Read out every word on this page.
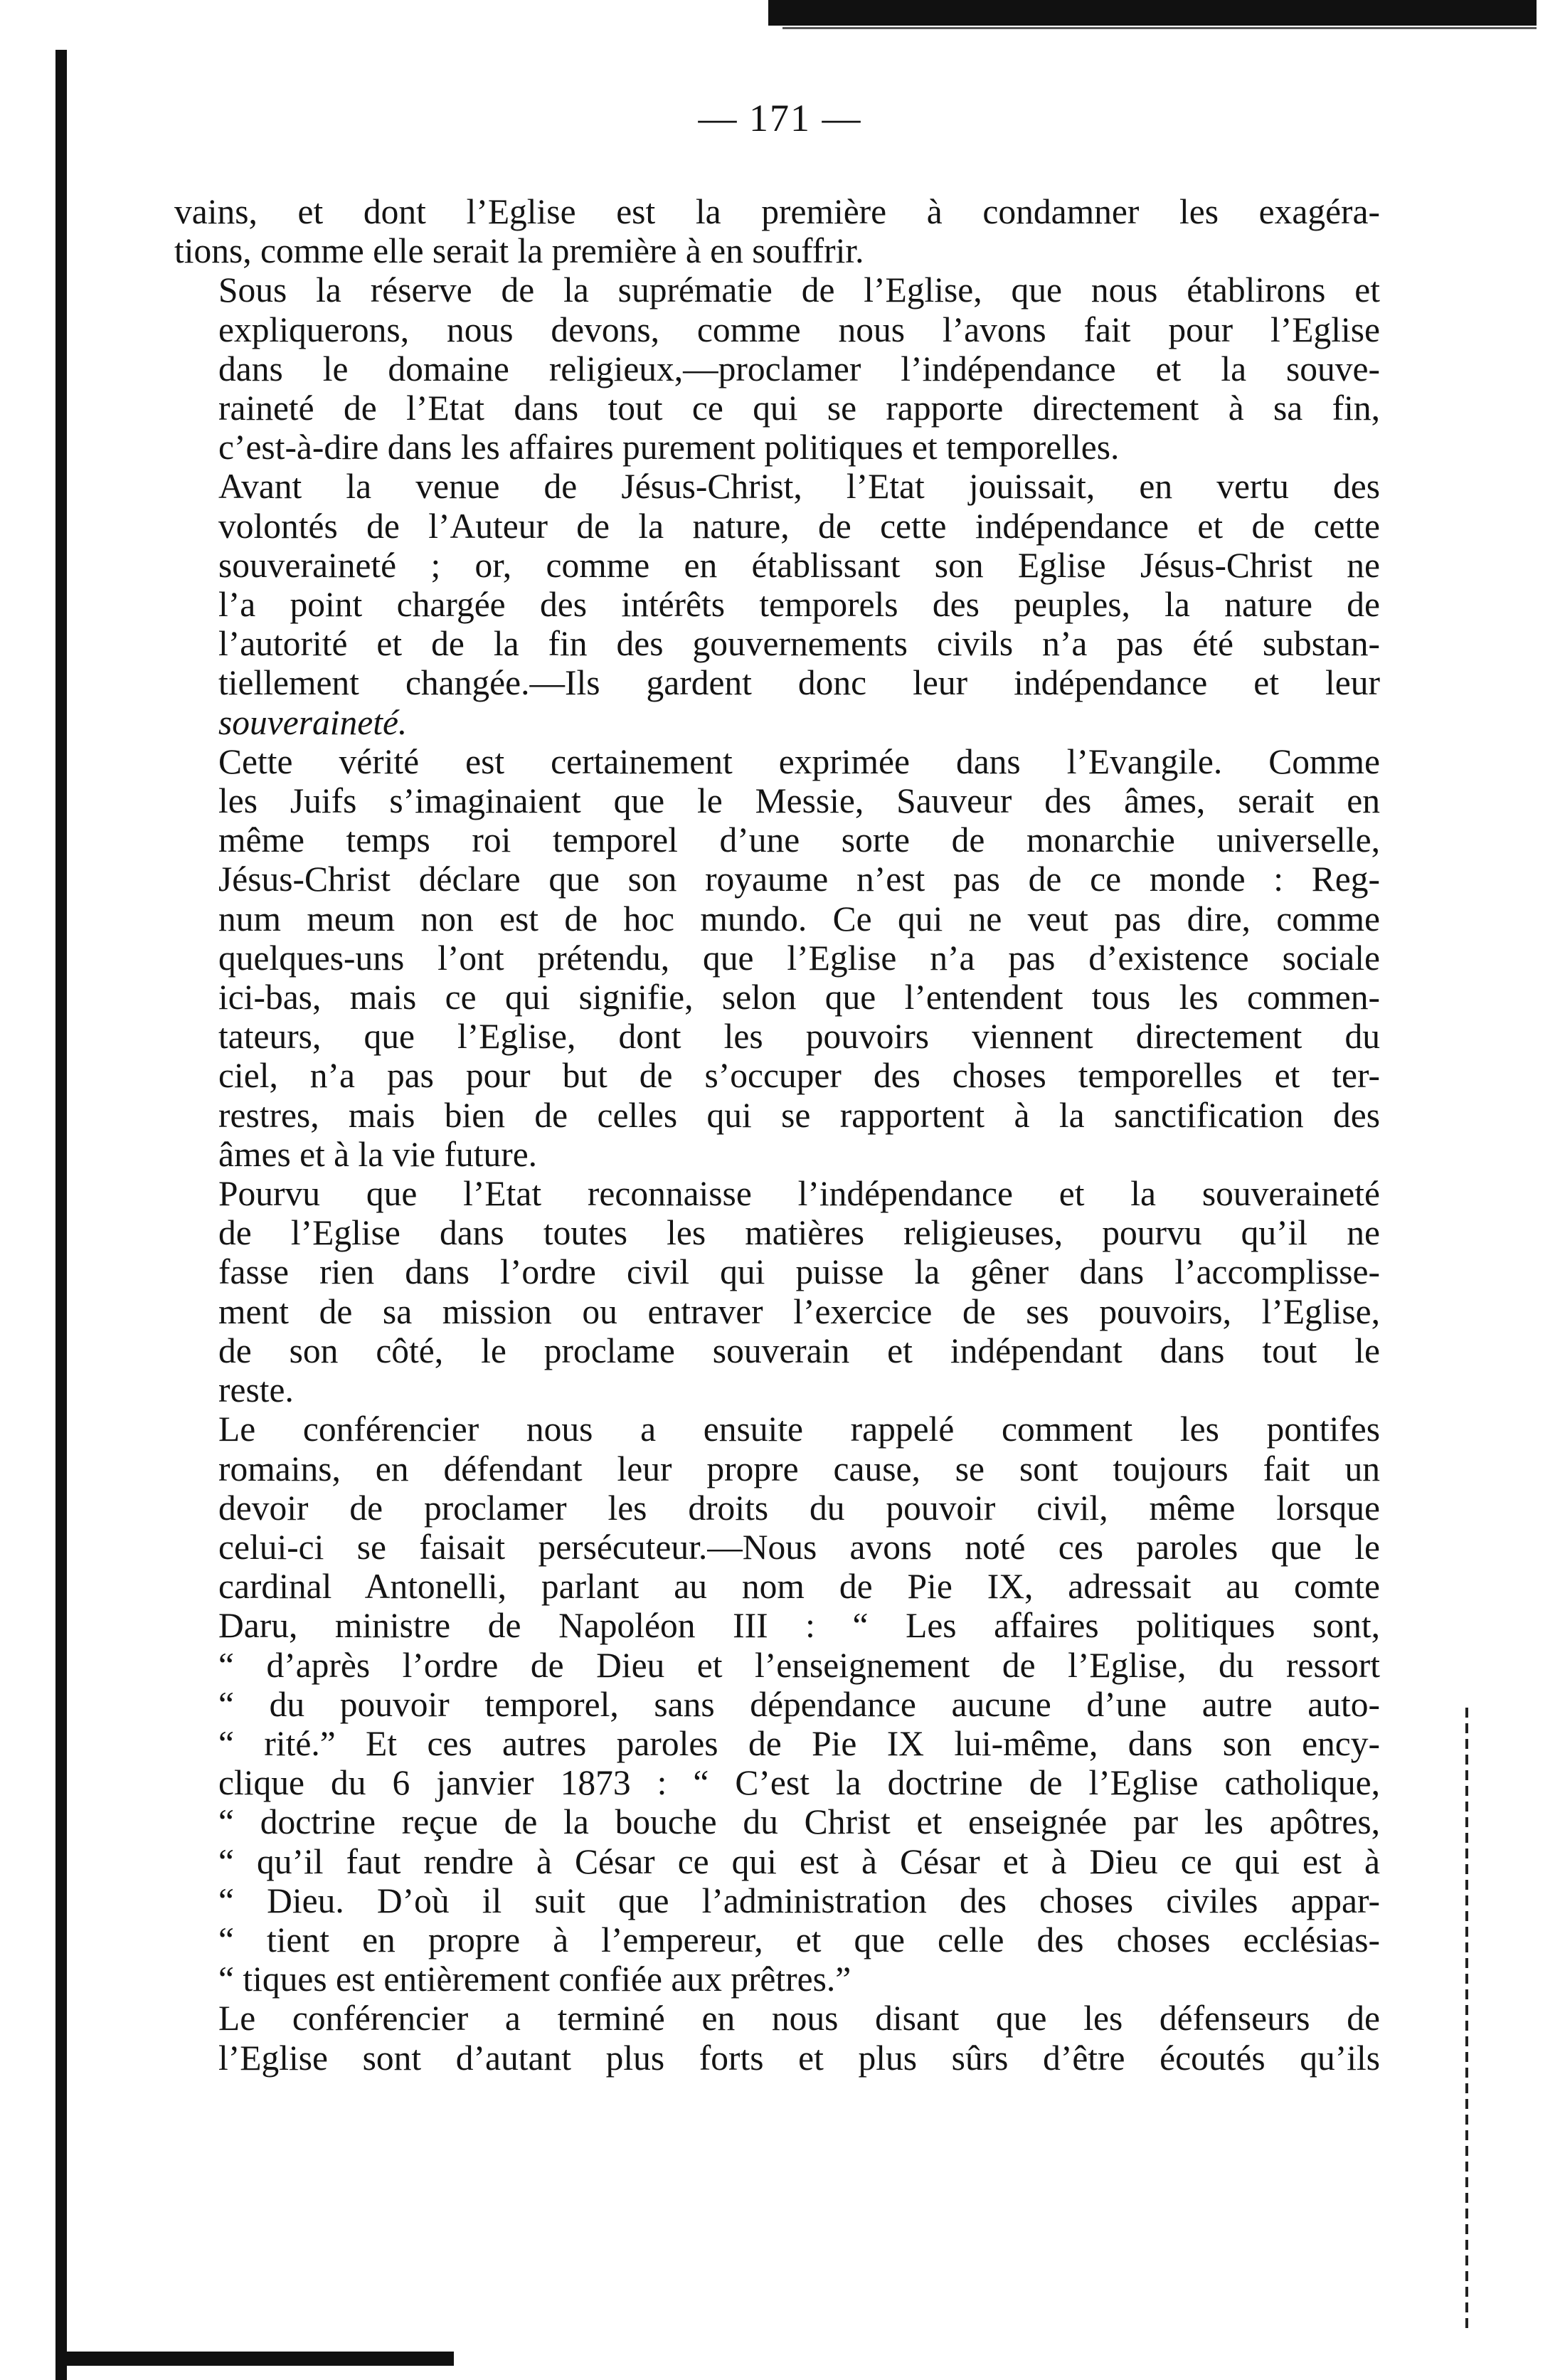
— 171 —

vains, et dont l’Eglise est la première à condamner les exagéra-
tions, comme elle serait la première à en souffrir.

Sous la réserve de la suprématie de l’Eglise, que nous établirons et
expliquerons, nous devons, comme nous l’avons fait pour l’Eglise
dans le domaine religieux,—proclamer l’indépendance et la souve-
raineté de l’Etat dans tout ce qui se rapporte directement à sa fin,
c’est-à-dire dans les affaires purement politiques et temporelles.

Avant la venue de Jésus-Christ, l’Etat jouissait, en vertu des
volontés de l’Auteur de la nature, de cette indépendance et de cette
souveraineté ; or, comme en établissant son Eglise Jésus-Christ ne
l’a point chargée des intérêts temporels des peuples, la nature de
l’autorité et de la fin des gouvernements civils n’a pas été substan-
tiellement changée.—Ils gardent donc leur indépendance et leur
souveraineté.

Cette vérité est certainement exprimée dans l’Evangile. Comme
les Juifs s’imaginaient que le Messie, Sauveur des âmes, serait en
même temps roi temporel d’une sorte de monarchie universelle,
Jésus-Christ déclare que son royaume n’est pas de ce monde : Reg-
num meum non est de hoc mundo. Ce qui ne veut pas dire, comme
quelques-uns l’ont prétendu, que l’Eglise n’a pas d’existence sociale
ici-bas, mais ce qui signifie, selon que l’entendent tous les commen-
tateurs, que l’Eglise, dont les pouvoirs viennent directement du
ciel, n’a pas pour but de s’occuper des choses temporelles et ter-
restres, mais bien de celles qui se rapportent à la sanctification des
âmes et à la vie future.

Pourvu que l’Etat reconnaisse l’indépendance et la souveraineté
de l’Eglise dans toutes les matières religieuses, pourvu qu’il ne
fasse rien dans l’ordre civil qui puisse la gêner dans l’accomplisse-
ment de sa mission ou entraver l’exercice de ses pouvoirs, l’Eglise,
de son côté, le proclame souverain et indépendant dans tout le
reste.

Le conférencier nous a ensuite rappelé comment les pontifes
romains, en défendant leur propre cause, se sont toujours fait un
devoir de proclamer les droits du pouvoir civil, même lorsque
celui-ci se faisait persécuteur.—Nous avons noté ces paroles que le
cardinal Antonelli, parlant au nom de Pie IX, adressait au comte
Daru, ministre de Napoléon III : “ Les affaires politiques sont,
“ d’après l’ordre de Dieu et l’enseignement de l’Eglise, du ressort
“ du pouvoir temporel, sans dépendance aucune d’une autre auto-
“ rité.” Et ces autres paroles de Pie IX lui-même, dans son ency-
clique du 6 janvier 1873 : “ C’est la doctrine de l’Eglise catholique,
“ doctrine reçue de la bouche du Christ et enseignée par les apôtres,
“ qu’il faut rendre à César ce qui est à César et à Dieu ce qui est à
“ Dieu. D’où il suit que l’administration des choses civiles appar-
“ tient en propre à l’empereur, et que celle des choses ecclésias-
“ tiques est entièrement confiée aux prêtres.”

Le conférencier a terminé en nous disant que les défenseurs de
l’Eglise sont d’autant plus forts et plus sûrs d’être écoutés qu’ils
